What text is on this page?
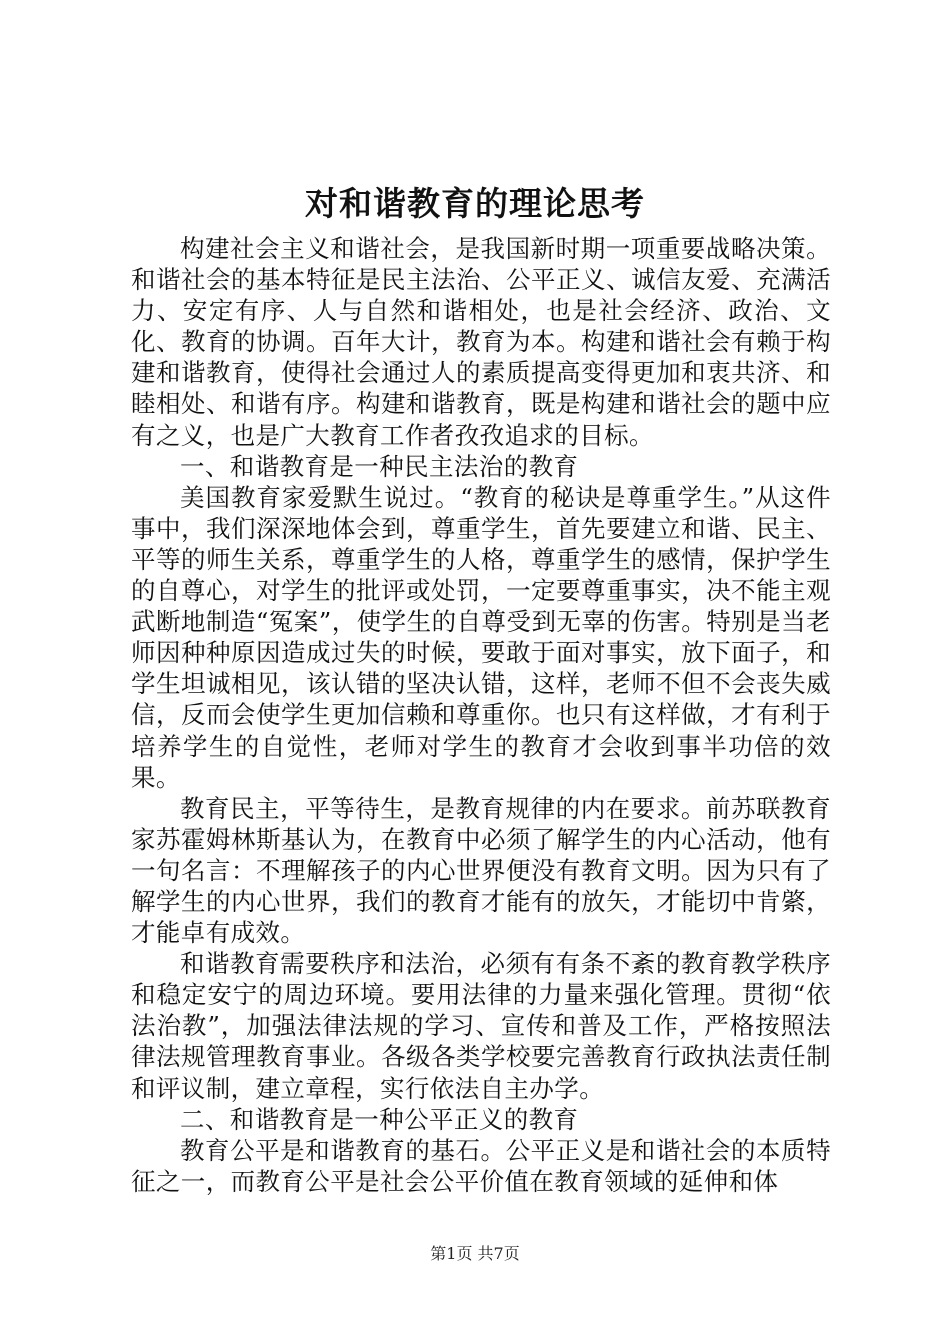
对和谐教育的理论思考

构建社会主义和谐社会，是我国新时期一项重要战略决策。和谐社会的基本特征是民主法治、公平正义、诚信友爱、充满活力、安定有序、人与自然和谐相处，也是社会经济、政治、文化、教育的协调。百年大计，教育为本。构建和谐社会有赖于构建和谐教育，使得社会通过人的素质提高变得更加和衷共济、和睦相处、和谐有序。构建和谐教育，既是构建和谐社会的题中应有之义，也是广大教育工作者孜孜追求的目标。

一、和谐教育是一种民主法治的教育

美国教育家爱默生说过。“教育的秘诀是尊重学生。”从这件事中，我们深深地体会到，尊重学生，首先要建立和谐、民主、平等的师生关系，尊重学生的人格，尊重学生的感情，保护学生的自尊心，对学生的批评或处罚，一定要尊重事实，决不能主观武断地制造“冤案”，使学生的自尊受到无辜的伤害。特别是当老师因种种原因造成过失的时候，要敢于面对事实，放下面子，和学生坦诚相见，该认错的坚决认错，这样，老师不但不会丧失威信，反而会使学生更加信赖和尊重你。也只有这样做，才有利于培养学生的自觉性，老师对学生的教育才会收到事半功倍的效果。

教育民主，平等待生，是教育规律的内在要求。前苏联教育家苏霍姆林斯基认为，在教育中必须了解学生的内心活动，他有一句名言：不理解孩子的内心世界便没有教育文明。因为只有了解学生的内心世界，我们的教育才能有的放矢，才能切中肯綮，才能卓有成效。

和谐教育需要秩序和法治，必须有有条不紊的教育教学秩序和稳定安宁的周边环境。要用法律的力量来强化管理。贯彻“依法治教”，加强法律法规的学习、宣传和普及工作，严格按照法律法规管理教育事业。各级各类学校要完善教育行政执法责任制和评议制，建立章程，实行依法自主办学。

二、和谐教育是一种公平正义的教育

教育公平是和谐教育的基石。公平正义是和谐社会的本质特征之一，而教育公平是社会公平价值在教育领域的延伸和体

第1页 共7页
